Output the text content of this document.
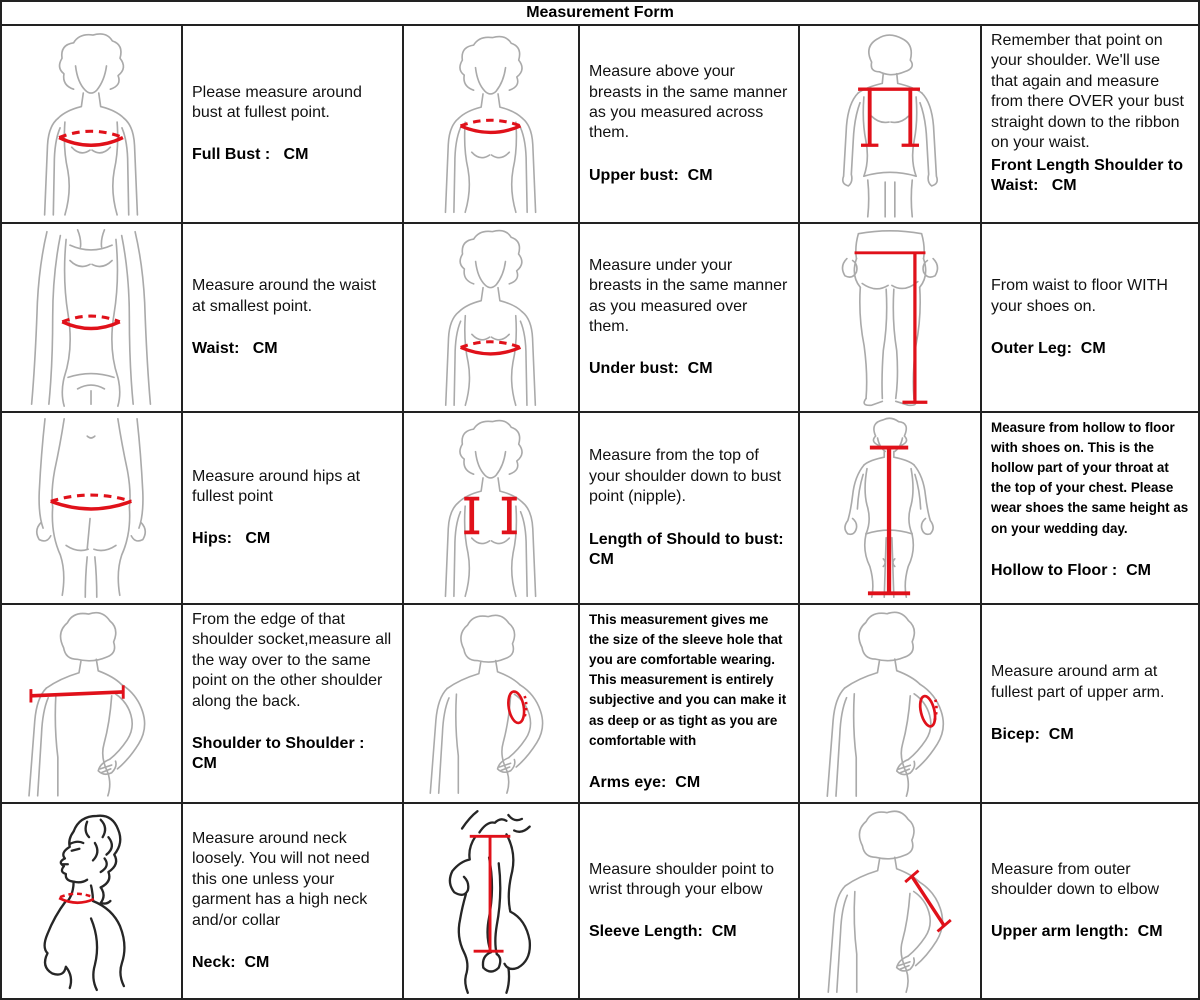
Measurement Form

Please measure around bust at fullest point.

Full Bust :   CM

Measure above your breasts in the same manner as you measured across them.

Upper bust:  CM

Remember that point on your shoulder. We'll use that again and measure from there OVER your bust straight down to the ribbon on your waist.

Front Length Shoulder to Waist:   CM

Measure around the waist at smallest point.

Waist:   CM

Measure under your breasts in the same manner as you measured over them.

Under bust:  CM

From waist to floor WITH your shoes on.

Outer Leg:  CM

Measure around hips at fullest point

Hips:   CM

Measure from the top of your shoulder down to bust point (nipple).

Length of Should to bust:  CM

Measure from hollow to floor with shoes on. This is the hollow part of your throat at the top of your chest. Please wear shoes the same height as on your wedding day.

Hollow to Floor :  CM

From the edge of that shoulder socket,measure all the way over to the same point on the other shoulder along the back.

Shoulder to Shoulder : CM

This measurement gives me the size of the sleeve hole that you are comfortable wearing. This measurement is entirely subjective and you can make it as deep or as tight as you are comfortable with

Arms eye:  CM

Measure around arm at fullest part of upper arm.

Bicep:  CM

Measure around neck loosely. You will not need this one unless your garment has a high neck and/or collar

Neck:  CM

Measure shoulder point to wrist through your elbow

Sleeve Length:  CM

Measure from outer shoulder down to elbow

Upper arm length:  CM
